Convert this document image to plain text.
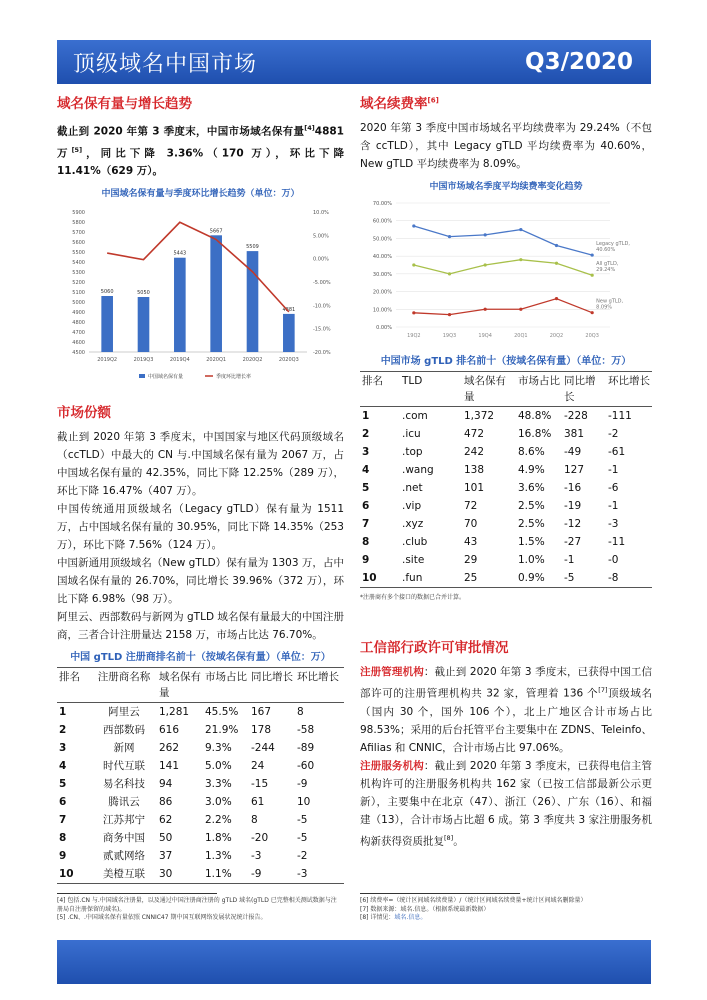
顶级域名中国市场	Q3/2020
域名保有量与增长趋势

截止到 2020 年第 3 季度末，中国市场域名保有量[4]4881 万[5]，同比下降 3.36%（170 万），环比下降 11.41%（629 万）。

中国域名保有量与季度环比增长趋势（单位：万）
4500
4600
4700
4800
4900
5000
5100
5200
5300
5400
5500
5600
5700
5800
5900	10.0%
5.00%
0.00%
-5.00%
-10.0%
-15.0%
-20.0%
5060
2019Q2
5050
2019Q3
5443
2019Q4
5667
2020Q1
5509
2020Q2
4881
2020Q3
中国域名保有量	季度环比增长率
市场份额

截止到 2020 年第 3 季度末，中国国家与地区代码顶级域名（ccTLD）中最大的 CN 与.中国域名保有量为 2067 万，占中国域名保有量的 42.35%，同比下降 12.25%（289 万），环比下降 16.47%（407 万）。

中国传统通用顶级域名（Legacy gTLD）保有量为 1511 万，占中国域名保有量的 30.95%，同比下降 14.35%（253 万），环比下降 7.56%（124 万）。

中国新通用顶级域名（New gTLD）保有量为 1303 万，占中国域名保有量的 26.70%，同比增长 39.96%（372 万），环比下降 6.98%（98 万）。

阿里云、西部数码与新网为 gTLD 域名保有量最大的中国注册商，三者合计注册量达 2158 万，市场占比达 76.70%。

中国 gTLD 注册商排名前十（按域名保有量）（单位：万）
排名	注册商名称	域名保有量	市场占比	同比增长	环比增长
1	阿里云	1,281	45.5%	167	8
2	西部数码	616	21.9%	178	-58
3	新网	262	9.3%	-244	-89
4	时代互联	141	5.0%	24	-60
5	易名科技	94	3.3%	-15	-9
6	腾讯云	86	3.0%	61	10
7	江苏邦宁	62	2.2%	8	-5
8	商务中国	50	1.8%	-20	-5
9	贰贰网络	37	1.3%	-3	-2
10	美橙互联	30	1.1%	-9	-3
域名续费率[6]

2020 年第 3 季度中国市场域名平均续费率为 29.24%（不包含 ccTLD），其中 Legacy gTLD 平均续费率为 40.60%，New gTLD 平均续费率为 8.09%。

中国市场域名季度平均续费率变化趋势
0.00%
10.00%
20.00%
30.00%
40.00%
50.00%
60.00%
70.00%
19Q2	19Q3	19Q4	20Q1	20Q2	20Q3
Legacy gTLD,
40.60%
All gTLD,
29.24%
New gTLD,
8.09%
中国市场 gTLD 排名前十（按域名保有量）（单位：万）
排名	TLD	域名保有量	市场占比	同比增长	环比增长
1	.com	1,372	48.8%	-228	-111
2	.icu	472	16.8%	381	-2
3	.top	242	8.6%	-49	-61
4	.wang	138	4.9%	127	-1
5	.net	101	3.6%	-16	-6
6	.vip	72	2.5%	-19	-1
7	.xyz	70	2.5%	-12	-3
8	.club	43	1.5%	-27	-11
9	.site	29	1.0%	-1	-0
10	.fun	25	0.9%	-5	-8
*注册商有多个接口的数据已合并计算。
工信部行政许可审批情况

注册管理机构：截止到 2020 年第 3 季度末，已获得中国工信部许可的注册管理机构共 32 家，管理着 136 个[7]顶级域名（国内 30 个，国外 106 个），北上广地区合计市场占比 98.53%；采用的后台托管平台主要集中在 ZDNS、Teleinfo、Afilias 和 CNNIC，合计市场占比 97.06%。

注册服务机构：截止到 2020 年第 3 季度末，已获得电信主管机构许可的注册服务机构共 162 家（已按工信部最新公示更新），主要集中在北京（47）、浙江（26）、广东（16）、和福建（13），合计市场占比超 6 成。第 3 季度共 3 家注册服务机构新获得资质批复[8]。

[4] 包括.CN 与.中国域名注册量，以及通过中国注册商注册的 gTLD 域名(gTLD 已完整相关测试数据与注册局自注册保留的域名)。
[5] .CN、.中国域名保有量依照 CNNIC47 期中国互联网络发展状况统计报告。
[6] 续费率=（统计区间域名续费量）/（统计区间域名续费量+统计区间域名删除量）
[7] 数据来源：域名.信息。（根据系统最新数据）
[8] 详情见：域名.信息。
